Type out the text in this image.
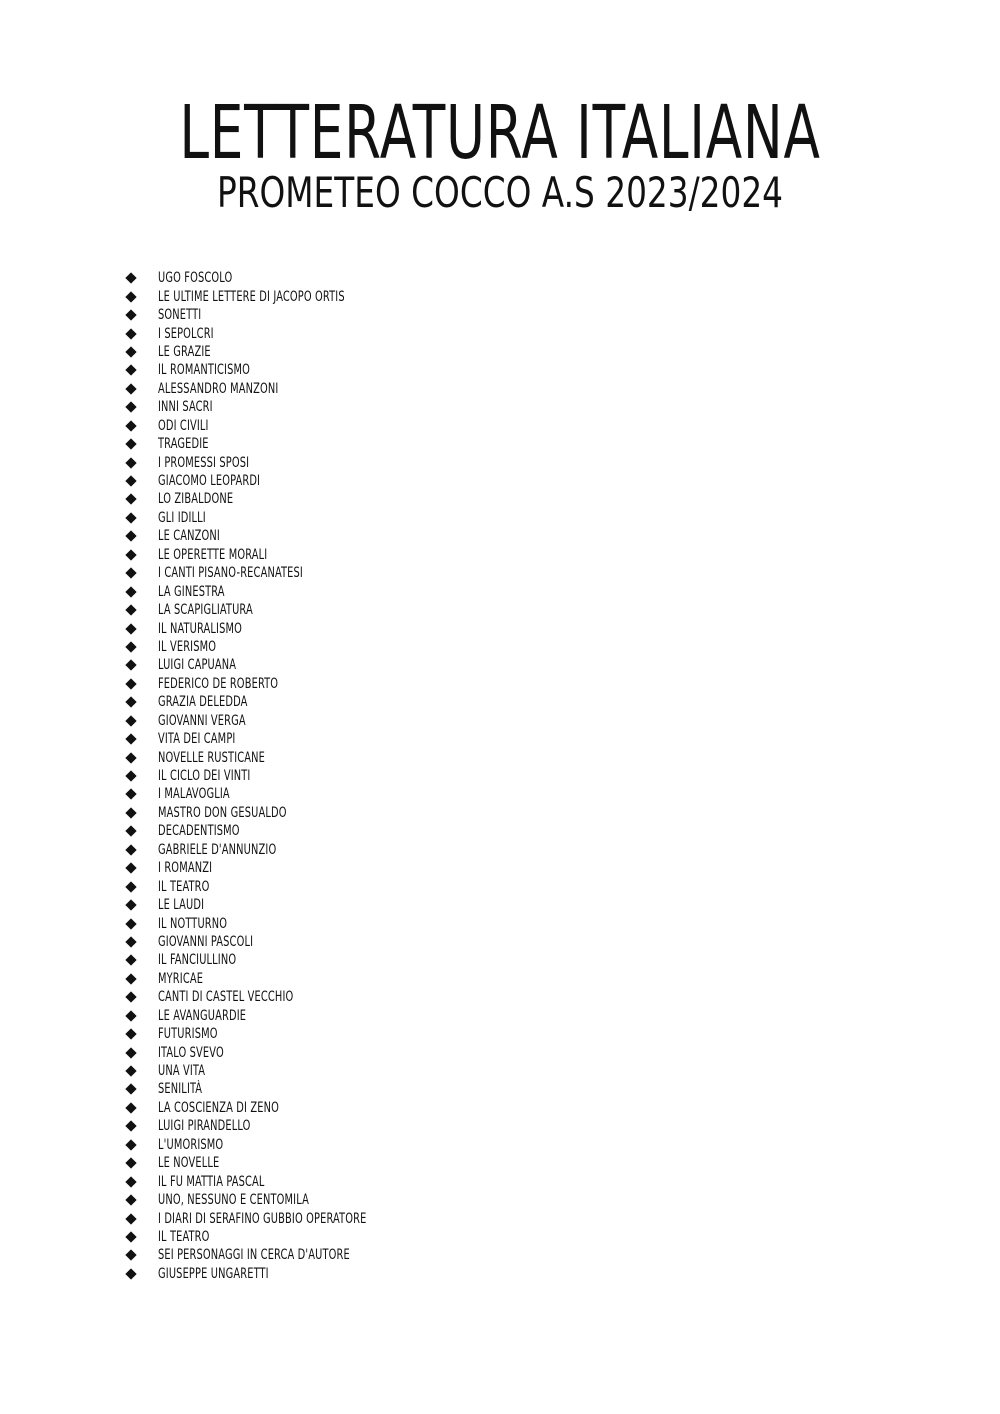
LETTERATURA ITALIANA
PROMETEO COCCO A.S 2023/2024
UGO FOSCOLO
LE ULTIME LETTERE DI JACOPO ORTIS
SONETTI
I SEPOLCRI
LE GRAZIE
IL ROMANTICISMO
ALESSANDRO MANZONI
INNI SACRI
ODI CIVILI
TRAGEDIE
I PROMESSI SPOSI
GIACOMO LEOPARDI
LO ZIBALDONE
GLI IDILLI
LE CANZONI
LE OPERETTE MORALI
I CANTI PISANO-RECANATESI
LA GINESTRA
LA SCAPIGLIATURA
IL NATURALISMO
IL VERISMO
LUIGI CAPUANA
FEDERICO DE ROBERTO
GRAZIA DELEDDA
GIOVANNI VERGA
VITA DEI CAMPI
NOVELLE RUSTICANE
IL CICLO DEI VINTI
I MALAVOGLIA
MASTRO DON GESUALDO
DECADENTISMO
GABRIELE D'ANNUNZIO
I ROMANZI
IL TEATRO
LE LAUDI
IL NOTTURNO
GIOVANNI PASCOLI
IL FANCIULLINO
MYRICAE
CANTI DI CASTEL VECCHIO
LE AVANGUARDIE
FUTURISMO
ITALO SVEVO
UNA VITA
SENILITÀ
LA COSCIENZA DI ZENO
LUIGI PIRANDELLO
L'UMORISMO
LE NOVELLE
IL FU MATTIA PASCAL
UNO, NESSUNO E CENTOMILA
I DIARI DI SERAFINO GUBBIO OPERATORE
IL TEATRO
SEI PERSONAGGI IN CERCA D'AUTORE
GIUSEPPE UNGARETTI
